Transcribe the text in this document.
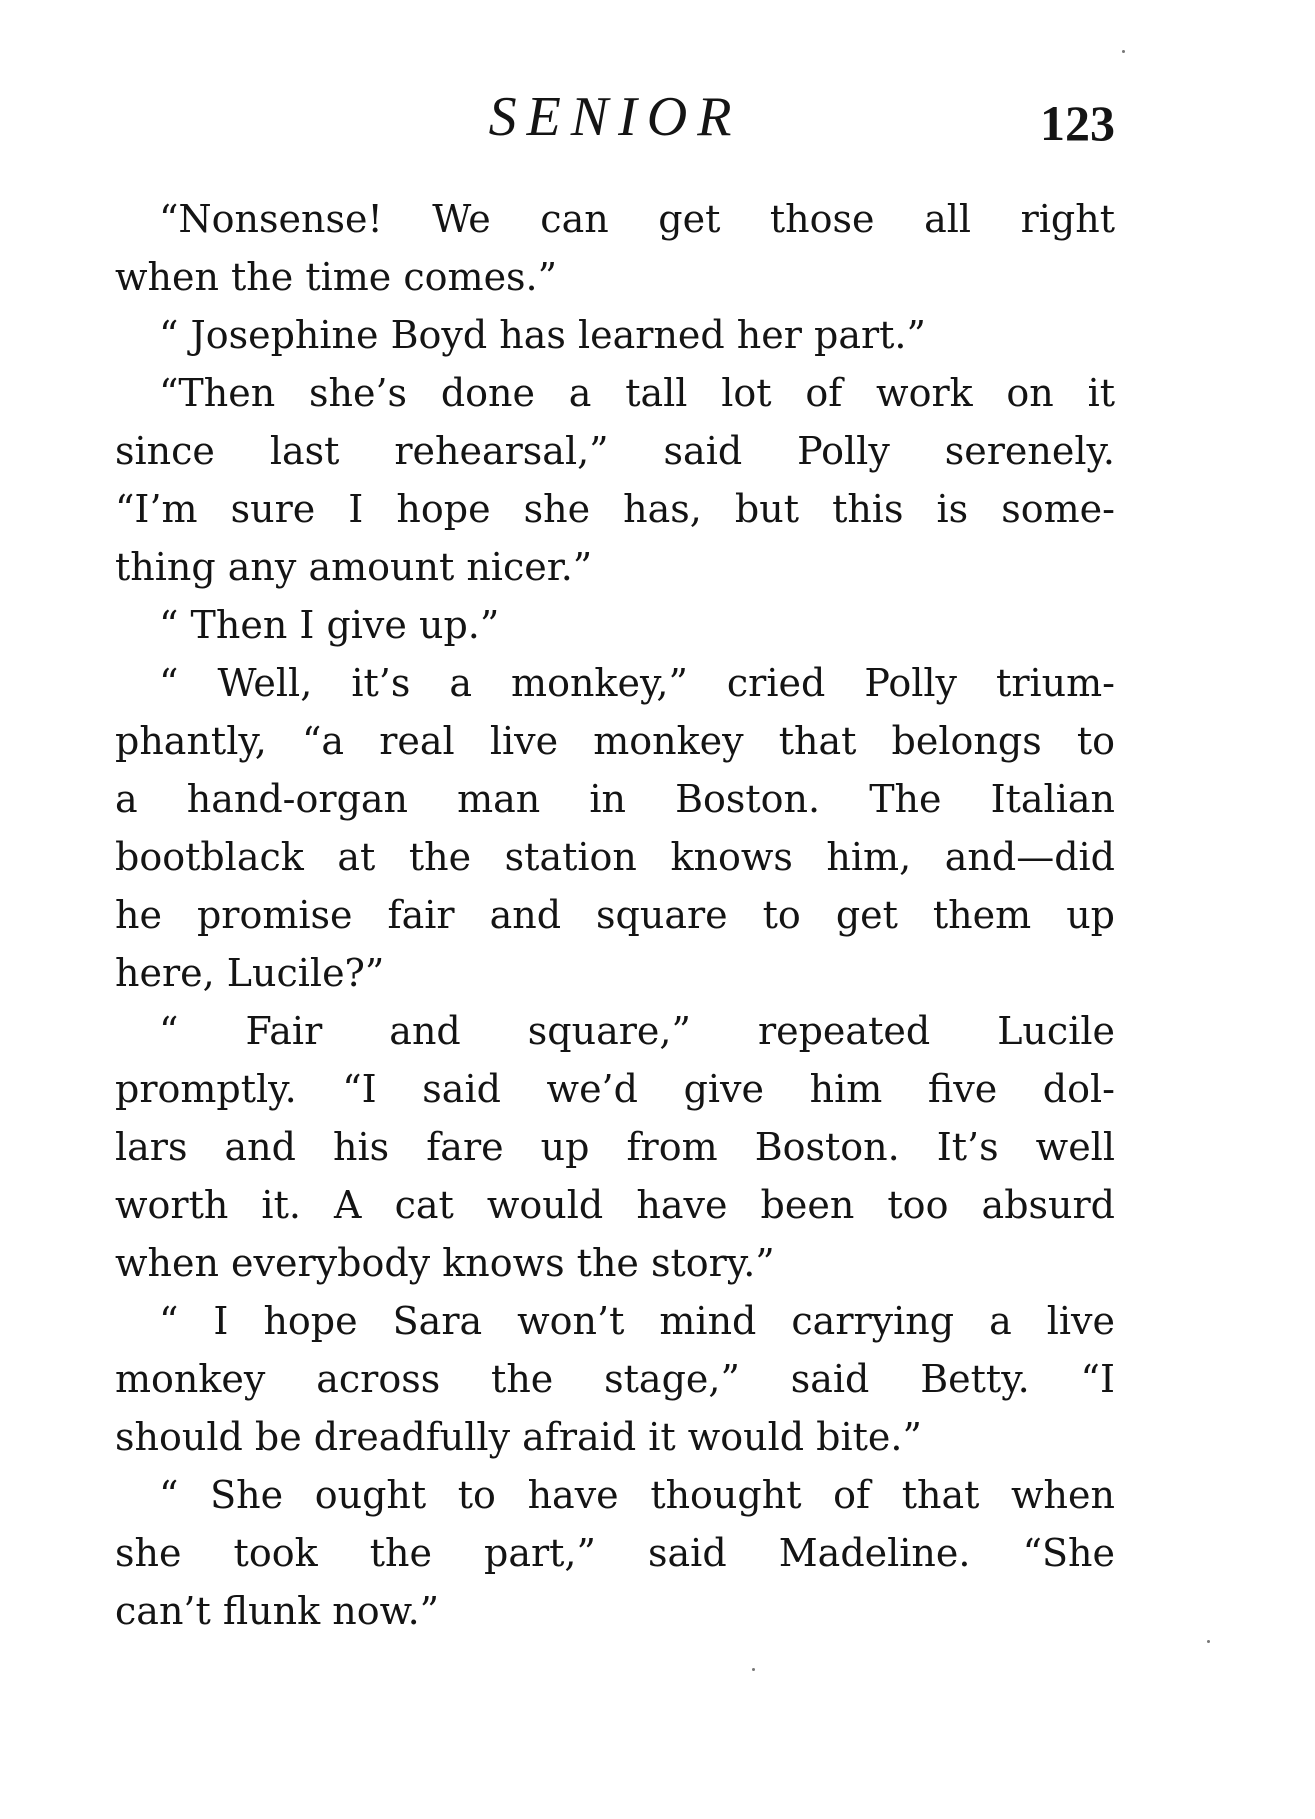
SENIOR	123
“Nonsense! We can get those all right
when the time comes.”
“ Josephine Boyd has learned her part.”
“Then she’s done a tall lot of work on it
since last rehearsal,” said Polly serenely.
“I’m sure I hope she has, but this is some-
thing any amount nicer.”
“ Then I give up.”
“ Well, it’s a monkey,” cried Polly trium-
phantly, “a real live monkey that belongs to
a hand-organ man in Boston. The Italian
bootblack at the station knows him, and—did
he promise fair and square to get them up
here, Lucile?”
“ Fair and square,” repeated Lucile
promptly. “I said we’d give him five dol-
lars and his fare up from Boston. It’s well
worth it. A cat would have been too absurd
when everybody knows the story.”
“ I hope Sara won’t mind carrying a live
monkey across the stage,” said Betty. “I
should be dreadfully afraid it would bite.”
“ She ought to have thought of that when
she took the part,” said Madeline. “She
can’t flunk now.”
